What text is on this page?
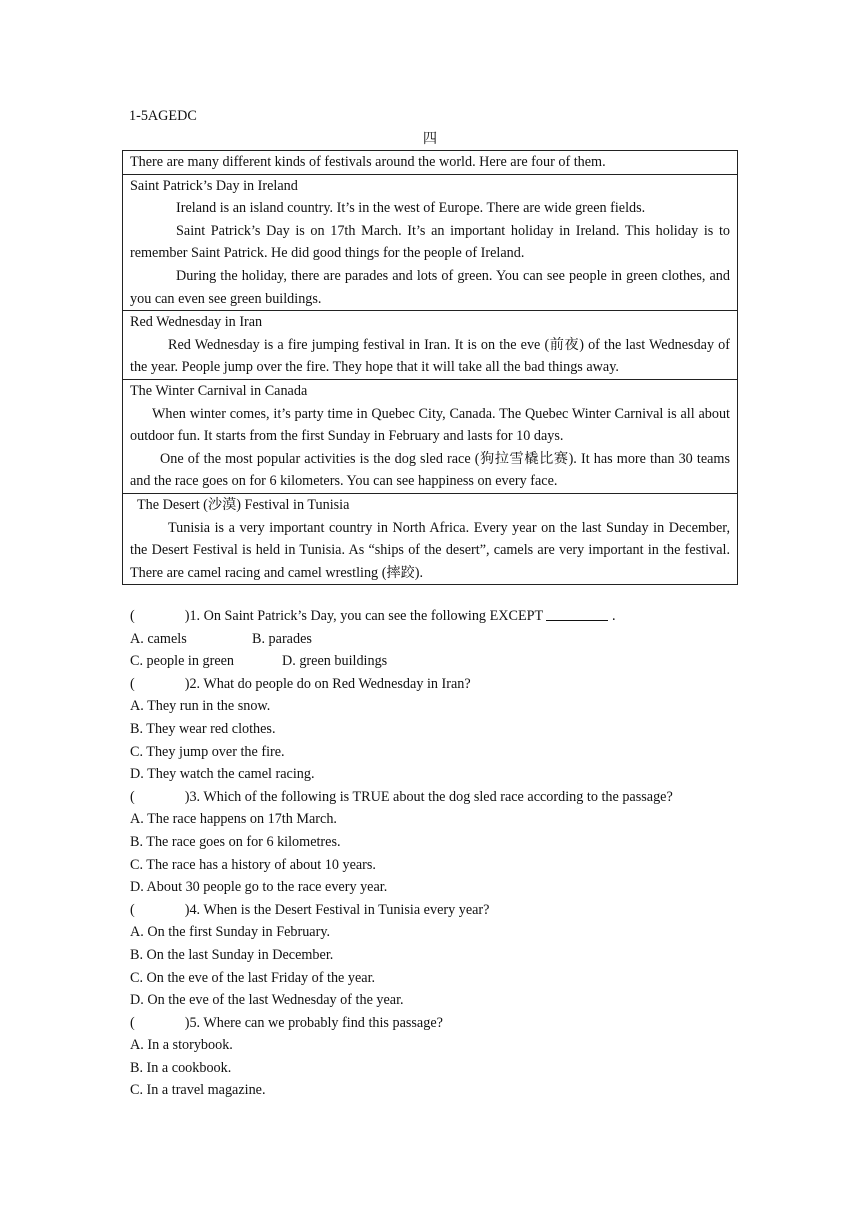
1-5AGEDC
四
There are many different kinds of festivals around the world. Here are four of them.

Saint Patrick’s Day in Ireland

Ireland is an island country. It’s in the west of Europe. There are wide green fields.

Saint Patrick’s Day is on 17th March. It’s an important holiday in Ireland. This holiday is to remember Saint Patrick. He did good things for the people of Ireland.

During the holiday, there are parades and lots of green. You can see people in green clothes, and you can even see green buildings.

Red Wednesday in Iran

Red Wednesday is a fire jumping festival in Iran. It is on the eve (前夜) of the last Wednesday of the year. People jump over the fire. They hope that it will take all the bad things away.

The Winter Carnival in Canada

When winter comes, it’s party time in Quebec City, Canada. The Quebec Winter Carnival is all about outdoor fun. It starts from the first Sunday in February and lasts for 10 days.

One of the most popular activities is the dog sled race (狗拉雪橇比赛). It has more than 30 teams and the race goes on for 6 kilometers. You can see happiness on every face.

The Desert (沙漠) Festival in Tunisia

Tunisia is a very important country in North Africa. Every year on the last Sunday in December, the Desert Festival is held in Tunisia. As “ships of the desert”, camels are very important in the festival. There are camel racing and camel wrestling (摔跤).

(	)1. On Saint Patrick’s Day, you can see the following EXCEPT	.

A. camels	B. parades

C. people in green	D. green buildings

(	)2. What do people do on Red Wednesday in Iran?

A. They run in the snow.

B. They wear red clothes.

C. They jump over the fire.

D. They watch the camel racing.

(	)3. Which of the following is TRUE about the dog sled race according to the passage?

A. The race happens on 17th March.

B. The race goes on for 6 kilometres.

C. The race has a history of about 10 years.

D. About 30 people go to the race every year.

(	)4. When is the Desert Festival in Tunisia every year?

A. On the first Sunday in February.

B. On the last Sunday in December.

C. On the eve of the last Friday of the year.

D. On the eve of the last Wednesday of the year.

(	)5. Where can we probably find this passage?

A. In a storybook.

B. In a cookbook.

C. In a travel magazine.
